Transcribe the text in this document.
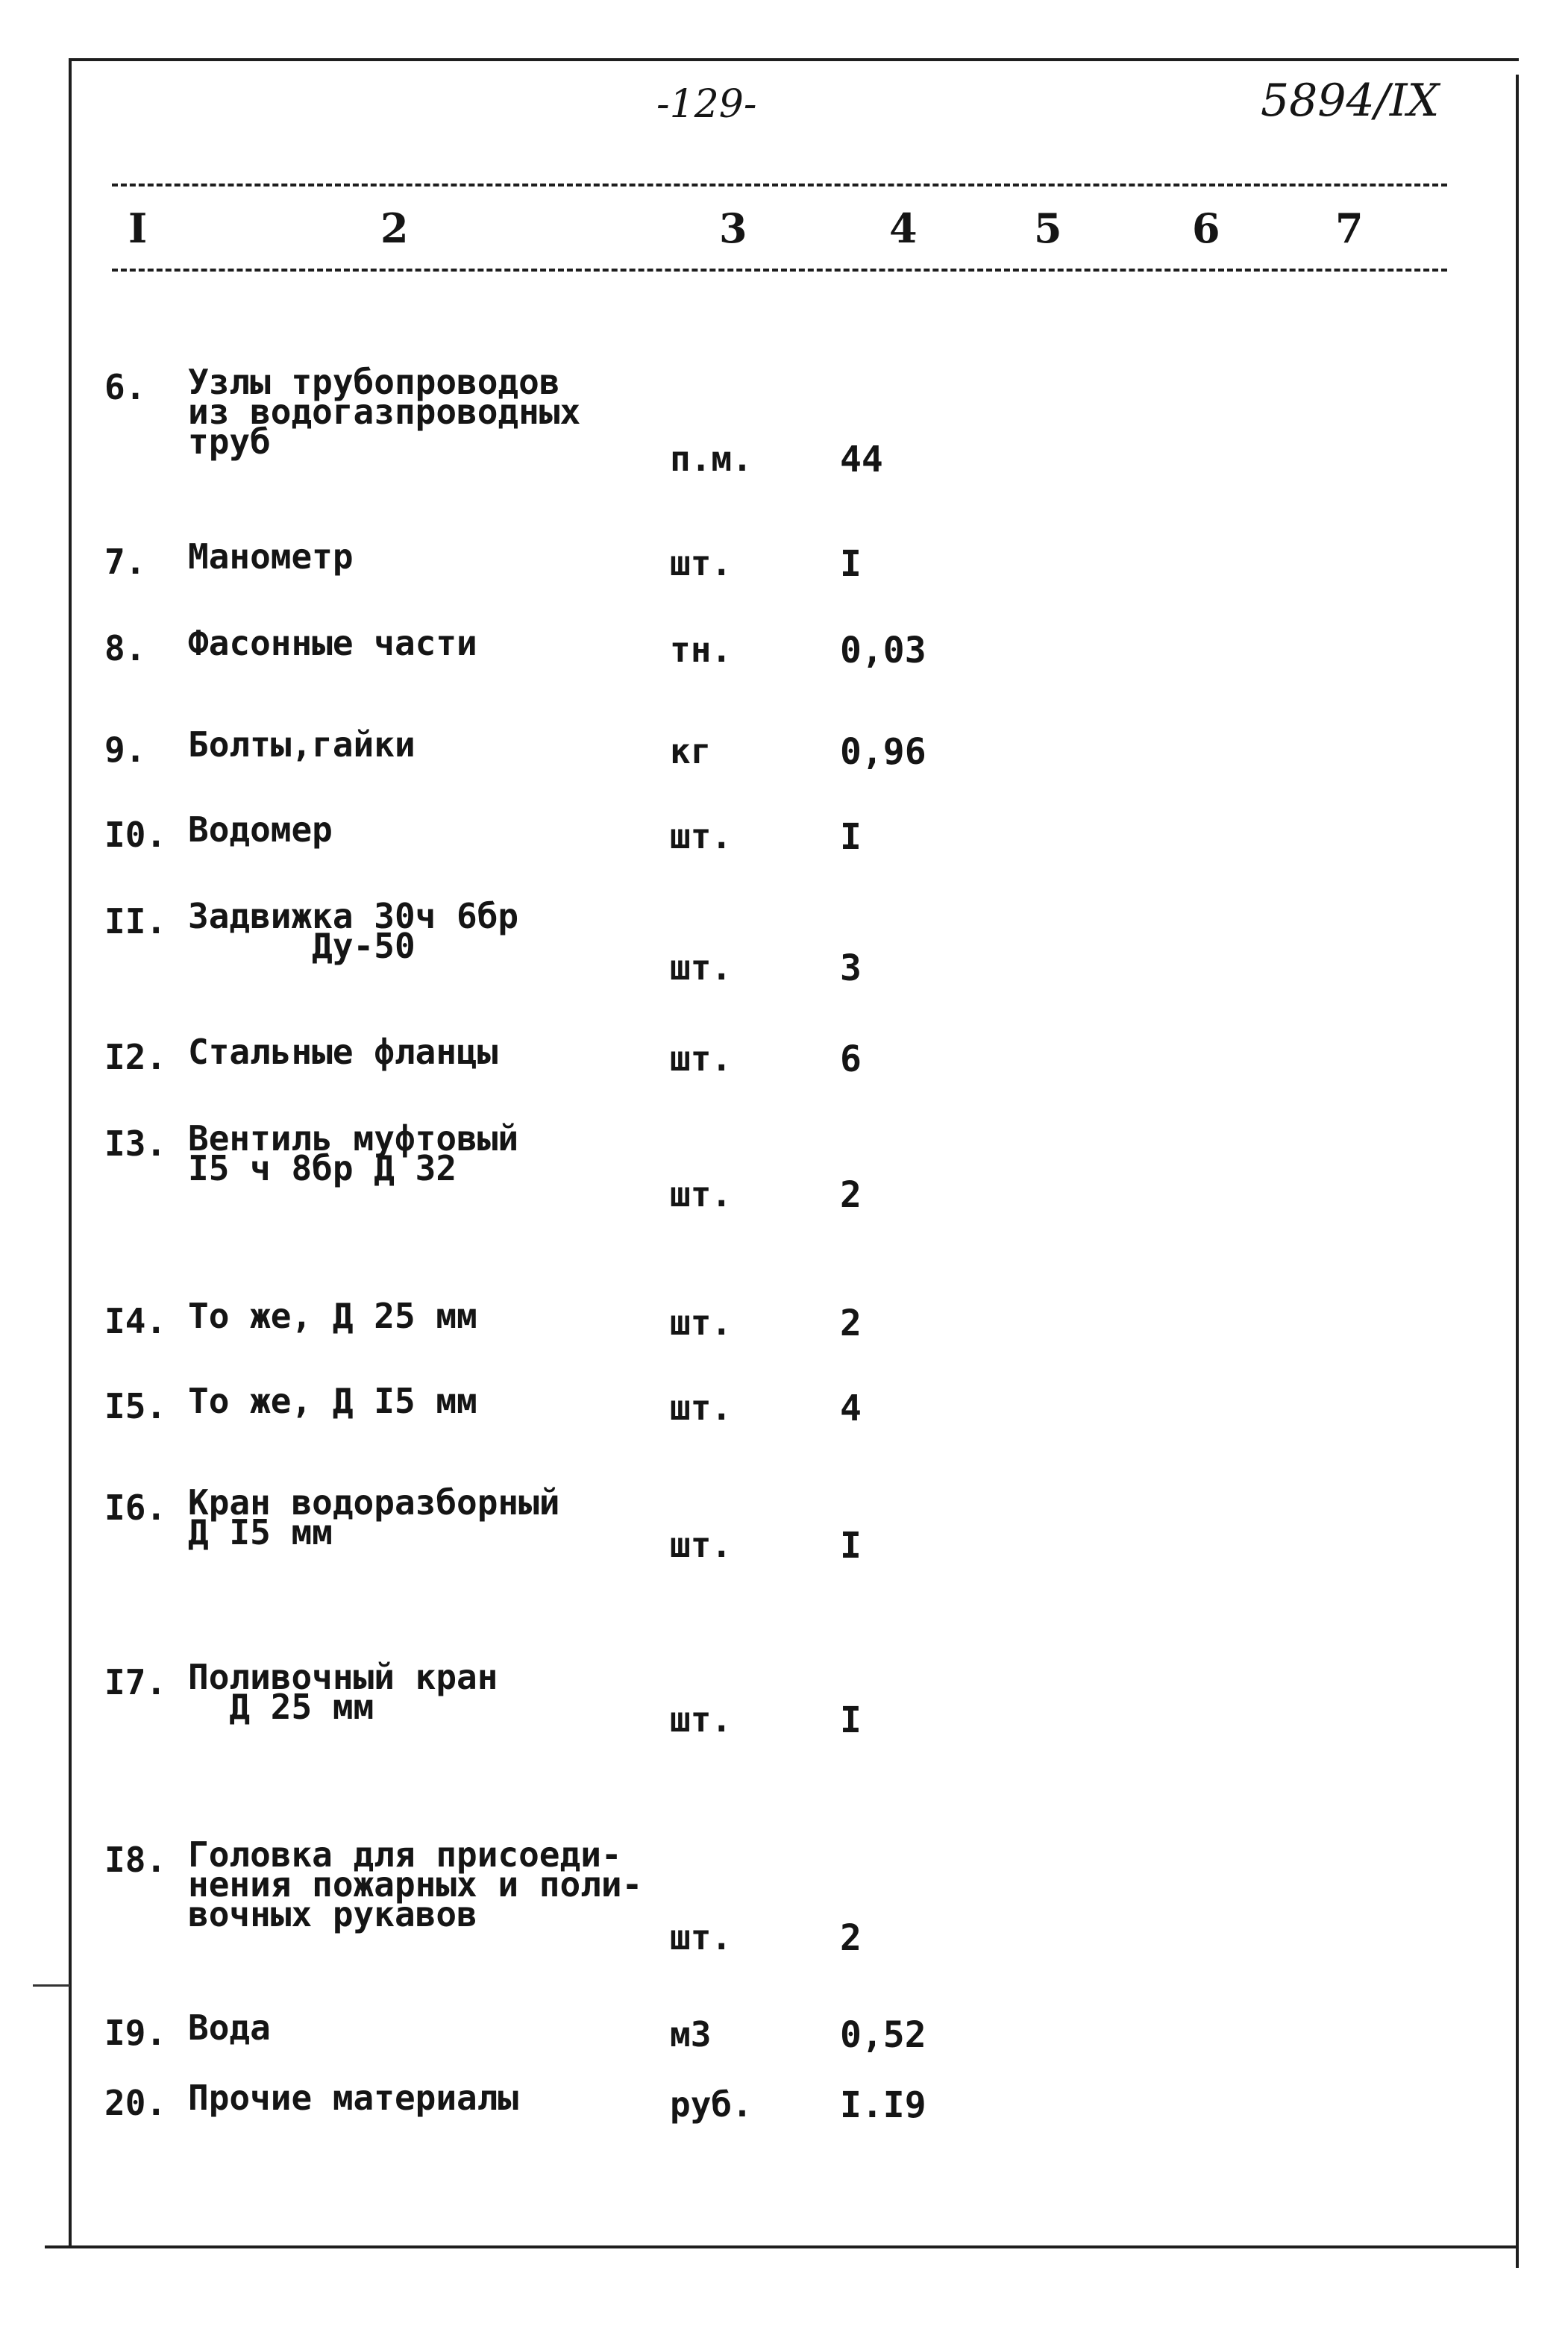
-129-	5894/IX
I	2	3	4	5	6	7
6. Узлы трубопроводов
из водогазпроводных
труб	п.м. 44
7. Манометр	шт.	I
8. Фасонные части	тн.	0,03
9. Болты,гайки	кг	0,96
I0. Водомер	шт.	I
II. Задвижка 30ч 6бр
Ду-50
шт.	3
I2. Стальные фланцы	шт.	6
I3. Вентиль муфтовый
I5 ч 8бр Д 32
шт.	2
I4. То же, Д 25 мм	шт.	2
I5. То же, Д I5 мм	шт.	4
I6. Кран водоразборный
Д I5 мм	шт.	I
I7. Поливочный кран
Д 25 мм	шт.	I
I8. Головка для присоеди-
нения пожарных и поли-
вочных рукавов
шт.	2
I9. Вода	м3	0,52
20. Прочие материалы	руб. I.I9
